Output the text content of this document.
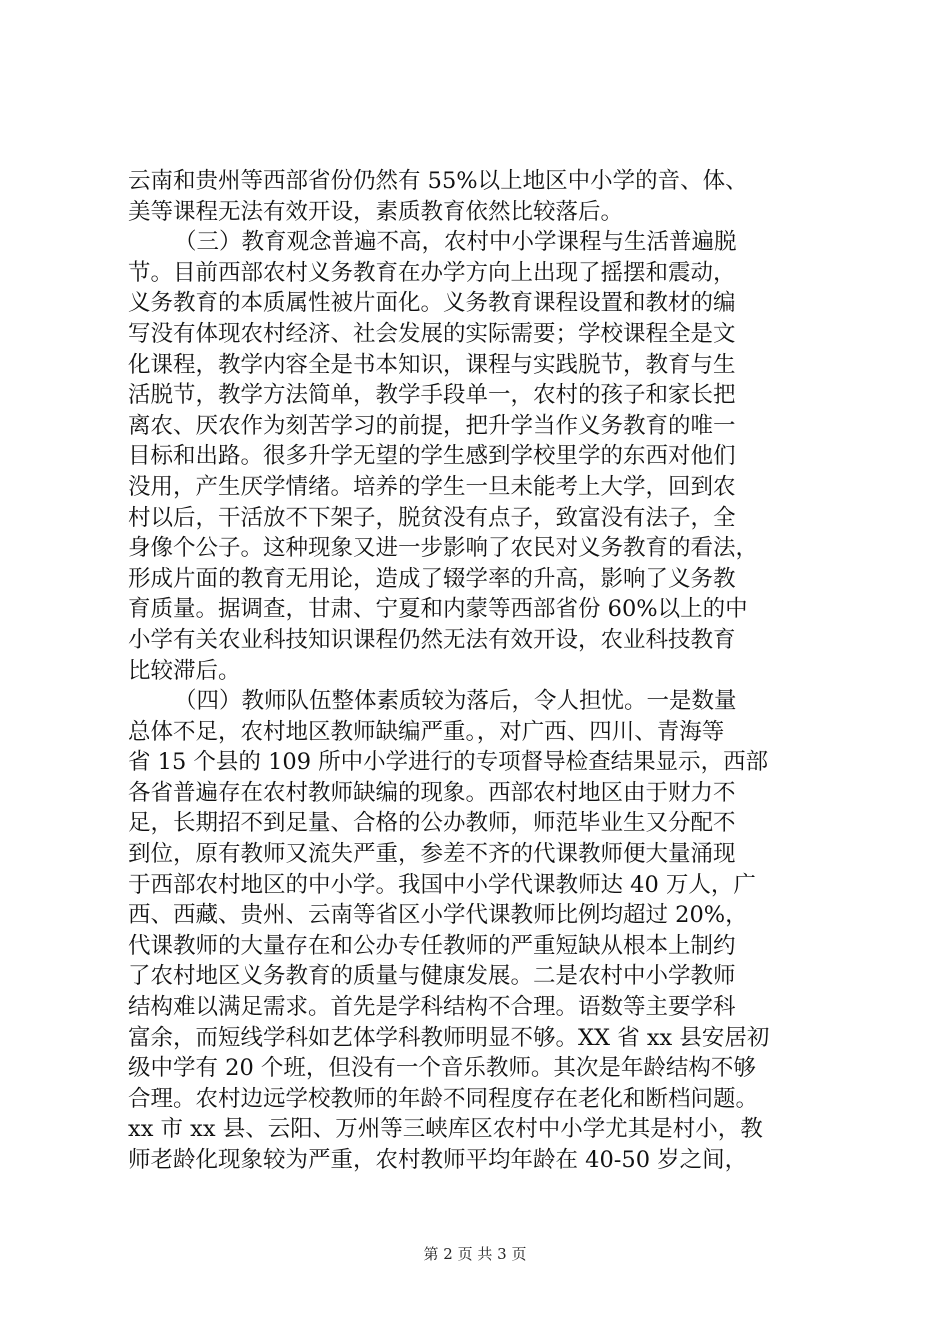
云南和贵州等西部省份仍然有 55%以上地区中小学的音、体、
美等课程无法有效开设，素质教育依然比较落后。
（三）教育观念普遍不高，农村中小学课程与生活普遍脱
节。目前西部农村义务教育在办学方向上出现了摇摆和震动，
义务教育的本质属性被片面化。义务教育课程设置和教材的编
写没有体现农村经济、社会发展的实际需要；学校课程全是文
化课程，教学内容全是书本知识，课程与实践脱节，教育与生
活脱节，教学方法简单，教学手段单一，农村的孩子和家长把
离农、厌农作为刻苦学习的前提，把升学当作义务教育的唯一
目标和出路。很多升学无望的学生感到学校里学的东西对他们
没用，产生厌学情绪。培养的学生一旦未能考上大学，回到农
村以后，干活放不下架子，脱贫没有点子，致富没有法子，全
身像个公子。这种现象又进一步影响了农民对义务教育的看法，
形成片面的教育无用论，造成了辍学率的升高，影响了义务教
育质量。据调查，甘肃、宁夏和内蒙等西部省份 60%以上的中
小学有关农业科技知识课程仍然无法有效开设，农业科技教育
比较滞后。
（四）教师队伍整体素质较为落后，令人担忧。一是数量
总体不足，农村地区教师缺编严重。，对广西、四川、青海等
省 15 个县的 109 所中小学进行的专项督导检查结果显示，西部
各省普遍存在农村教师缺编的现象。西部农村地区由于财力不
足，长期招不到足量、合格的公办教师，师范毕业生又分配不
到位，原有教师又流失严重，参差不齐的代课教师便大量涌现
于西部农村地区的中小学。我国中小学代课教师达 40 万人，广
西、西藏、贵州、云南等省区小学代课教师比例均超过 20%，
代课教师的大量存在和公办专任教师的严重短缺从根本上制约
了农村地区义务教育的质量与健康发展。二是农村中小学教师
结构难以满足需求。首先是学科结构不合理。语数等主要学科
富余，而短线学科如艺体学科教师明显不够。XX 省 xx 县安居初
级中学有 20 个班，但没有一个音乐教师。其次是年龄结构不够
合理。农村边远学校教师的年龄不同程度存在老化和断档问题。
xx 市 xx 县、云阳、万州等三峡库区农村中小学尤其是村小，教
师老龄化现象较为严重，农村教师平均年龄在 40-50 岁之间，
第 2 页 共 3 页
